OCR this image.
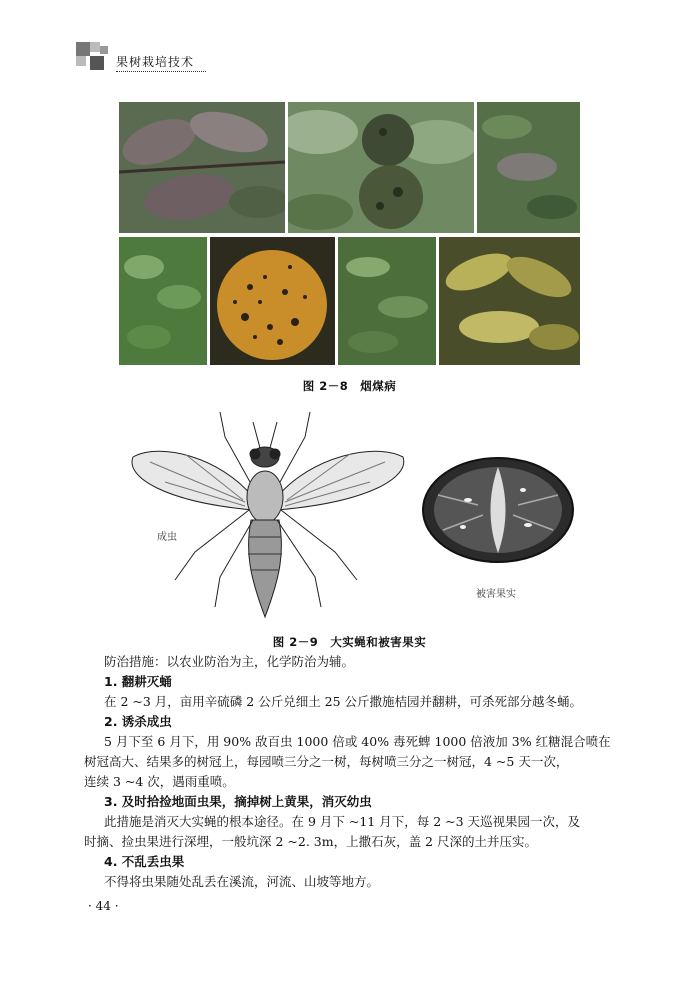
果树栽培技术
图 2－8　烟煤病
成虫
被害果实
图 2－9　大实蝇和被害果实

防治措施：以农业防治为主，化学防治为辅。

1. 翻耕灭蛹

在 2 ~3 月，亩用辛硫磷 2 公斤兑细土 25 公斤撒施桔园并翻耕，可杀死部分越冬蛹。

2. 诱杀成虫

5 月下至 6 月下，用 90% 敌百虫 1000 倍或 40% 毒死蜱 1000 倍液加 3% 红糖混合喷在

树冠高大、结果多的树冠上，每园喷三分之一树，每树喷三分之一树冠，4 ~5 天一次，

连续 3 ~4 次，遇雨重喷。

3. 及时拾捡地面虫果，摘掉树上黄果，消灭幼虫

此措施是消灭大实蝇的根本途径。在 9 月下 ~11 月下，每 2 ~3 天巡视果园一次，及

时摘、捡虫果进行深埋，一般坑深 2 ~2. 3m，上撒石灰，盖 2 尺深的土并压实。

4. 不乱丢虫果

不得将虫果随处乱丢在溪流，河流、山坡等地方。

· 44 ·
